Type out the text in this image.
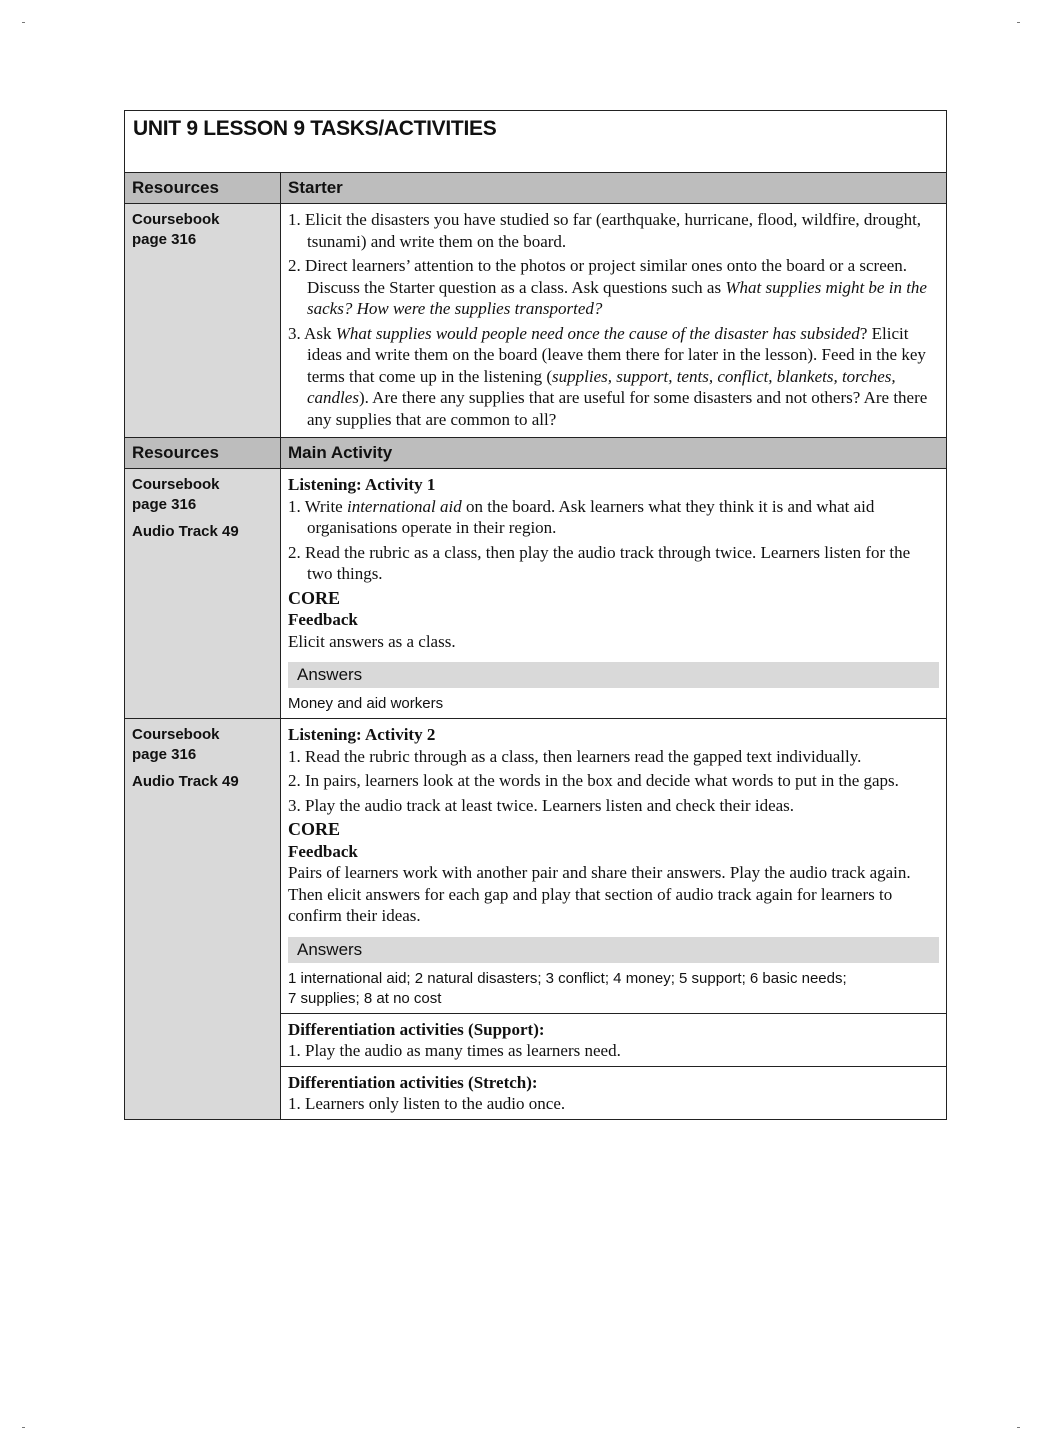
UNIT 9 LESSON 9 TASKS/ACTIVITIES
Resources	Starter
Coursebook
page 316
1. Elicit the disasters you have studied so far (earthquake, hurricane, flood, wildfire, drought, tsunami) and write them on the board.
2. Direct learners’ attention to the photos or project similar ones onto the board or a screen. Discuss the Starter question as a class. Ask questions such as What supplies might be in the sacks? How were the supplies transported?
3. Ask What supplies would people need once the cause of the disaster has subsided? Elicit ideas and write them on the board (leave them there for later in the lesson). Feed in the key terms that come up in the listening (supplies, support, tents, conflict, blankets, torches, candles). Are there any supplies that are useful for some disasters and not others? Are there any supplies that are common to all?
Resources	Main Activity
Coursebook
page 316
Audio Track 49
Listening: Activity 1
1. Write international aid on the board. Ask learners what they think it is and what aid organisations operate in their region.
2. Read the rubric as a class, then play the audio track through twice. Learners listen for the two things.
CORE
Feedback
Elicit answers as a class.
Answers
Money and aid workers
Coursebook
page 316
Audio Track 49
Listening: Activity 2
1. Read the rubric through as a class, then learners read the gapped text individually.
2. In pairs, learners look at the words in the box and decide what words to put in the gaps.
3. Play the audio track at least twice. Learners listen and check their ideas.
CORE
Feedback
Pairs of learners work with another pair and share their answers. Play the audio track again. Then elicit answers for each gap and play that section of audio track again for learners to confirm their ideas.
Answers
1 international aid; 2 natural disasters; 3 conflict; 4 money; 5 support; 6 basic needs;
7 supplies; 8 at no cost
Differentiation activities (Support):
1. Play the audio as many times as learners need.
Differentiation activities (Stretch):
1. Learners only listen to the audio once.
